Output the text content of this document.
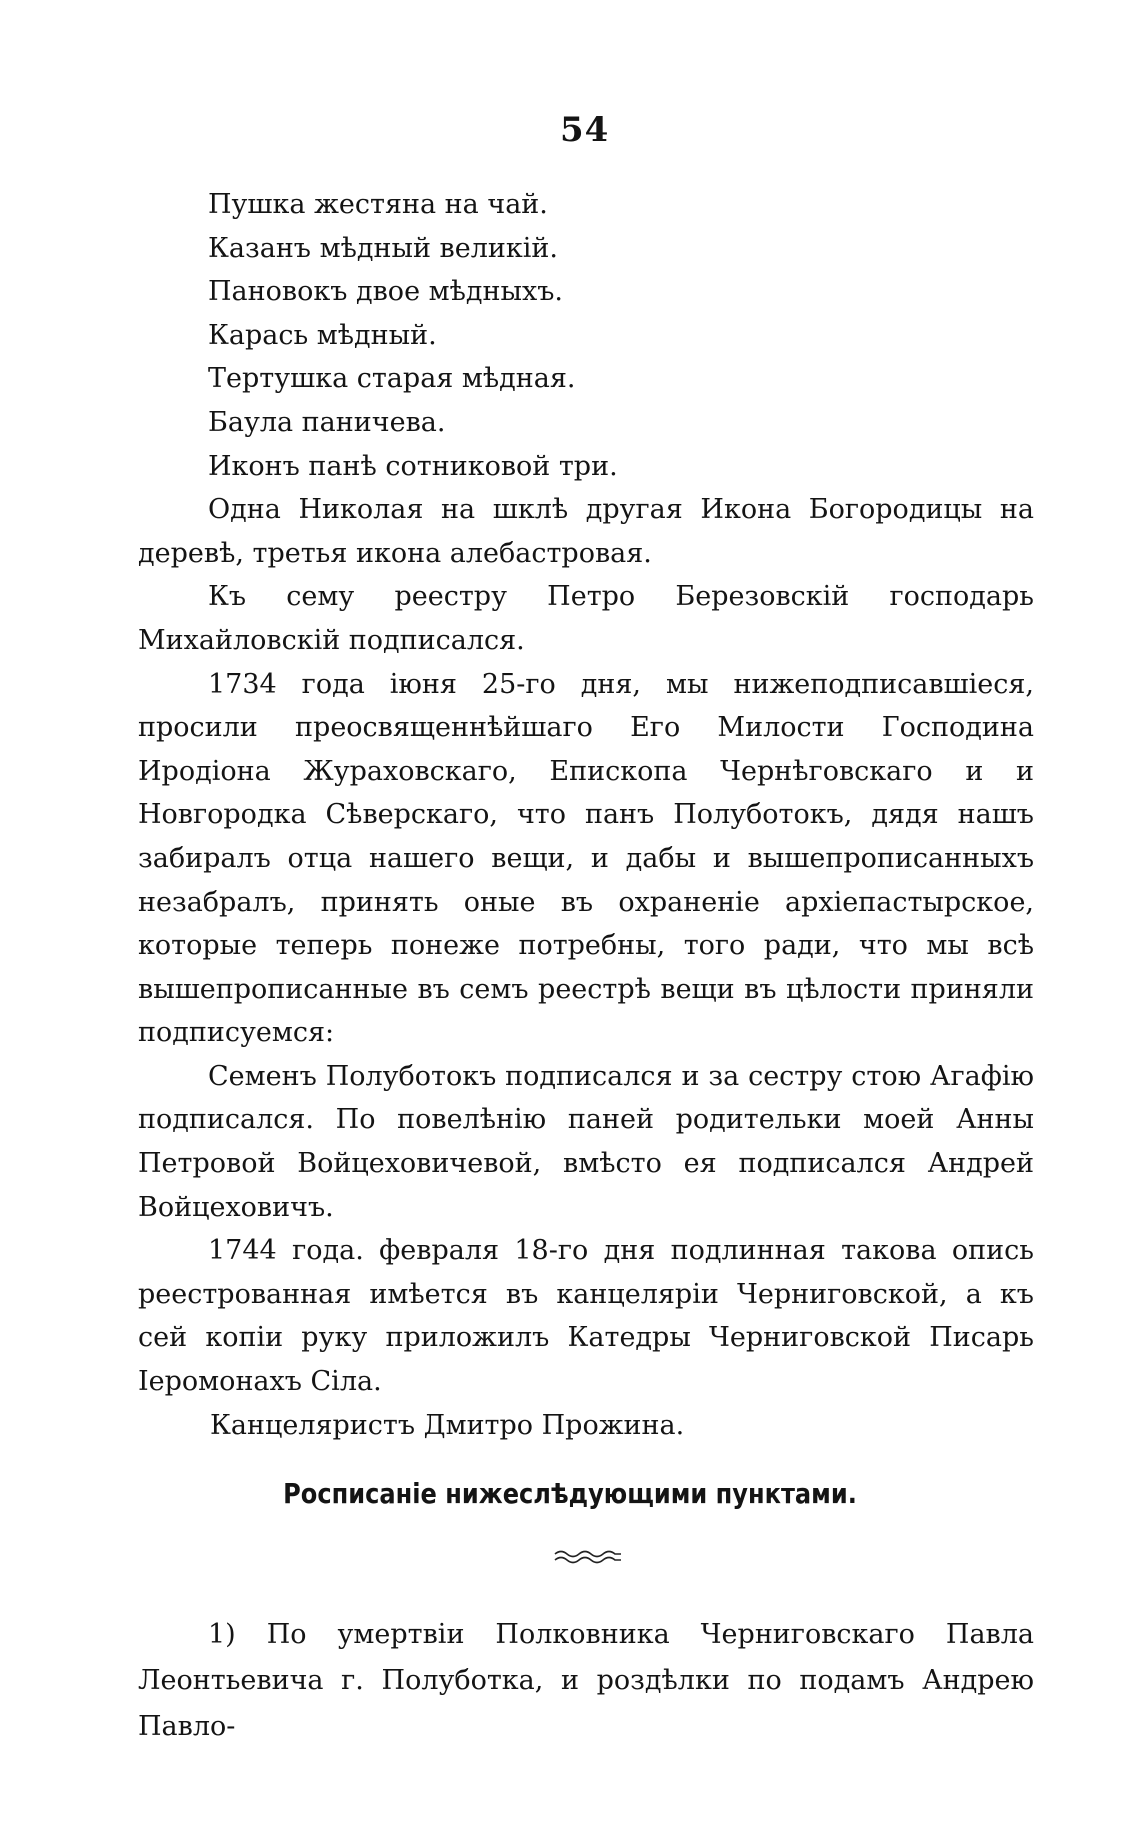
54

Пушка жестяна на чай.

Казанъ мѣдный великій.

Пановокъ двое мѣдныхъ.

Карась мѣдный.

Тертушка старая мѣдная.

Баула паничева.

Иконъ панѣ сотниковой три.

Одна Николая на шклѣ другая Икона Богородицы на деревѣ, третья икона алебастровая.

Къ сему реестру Петро Березовскій господарь Михайловскій подписался.

1734 года іюня 25-го дня, мы нижеподписавшіеся, просили преосвященнѣйшаго Его Милости Господина Иродіона Жураховскаго, Епископа Чернѣговскаго и и Новгородка Сѣверскаго, что панъ Полуботокъ, дядя нашъ забиралъ отца нашего вещи, и дабы и вышепрописанныхъ незабралъ, принять оные въ охраненіе архіепастырское, которые теперь понеже потребны, того ради, что мы всѣ вышепрописанные въ семъ реестрѣ вещи въ цѣлости приняли подписуемся:

Семенъ Полуботокъ подписался и за сестру стою Агафію подписался. По повелѣнію паней родительки моей Анны Петровой Войцеховичевой, вмѣсто ея подписался Андрей Войцеховичъ.

1744 года. февраля 18-го дня подлинная такова опись реестрованная имѣется въ канцеляріи Черниговской, а къ сей копіи руку приложилъ Катедры Черниговской Писарь Іеромонахъ Сіла.

Канцеляристъ Дмитро Прожина.

Росписаніе нижеслѣдующими пунктами.

1) По умертвіи Полковника Черниговскаго Павла Леонтьевича г. Полуботка, и роздѣлки по подамъ Андрею Павло-
